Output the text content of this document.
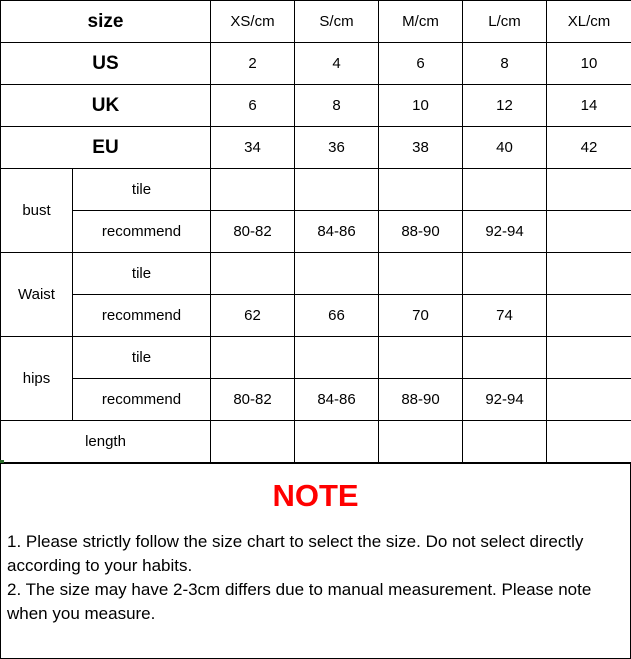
size		XS/cm	S/cm	M/cm	L/cm	XL/cm
US		2	4	6	8	10
UK		6	8	10	12	14
EU		34	36	38	40	42
bust	tile					
	recommend	80-82	84-86	88-90	92-94	
Waist	tile					
	recommend	62	66	70	74	
hips	tile					
	recommend	80-82	84-86	88-90	92-94	
length						
NOTE
1. Please strictly follow the size chart to select the size. Do not select directly according to your habits.
2. The size may have 2-3cm differs due to manual measurement. Please note when you measure.
